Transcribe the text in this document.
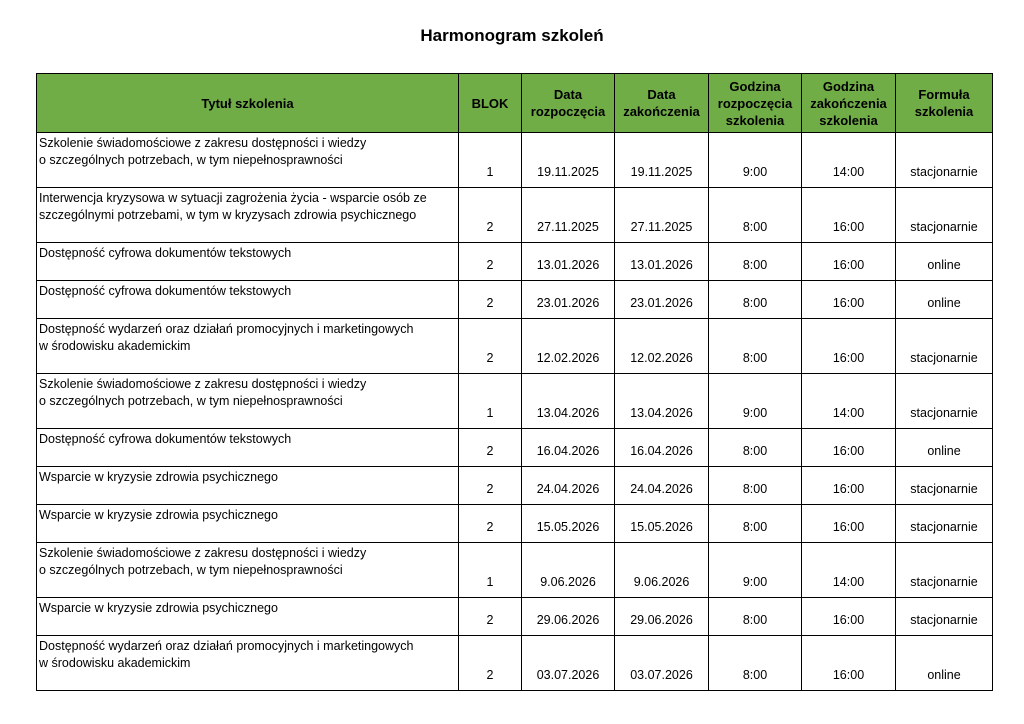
Harmonogram szkoleń
Tytuł szkolenia	BLOK	Data rozpoczęcia	Data zakończenia	Godzina rozpoczęcia szkolenia	Godzina zakończenia szkolenia	Formuła szkolenia
Szkolenie świadomościowe z zakresu dostępności i wiedzy
o szczególnych potrzebach, w tym niepełnosprawności	1	19.11.2025	19.11.2025	9:00	14:00	stacjonarnie
Interwencja kryzysowa w sytuacji zagrożenia życia - wsparcie osób ze szczególnymi potrzebami, w tym w kryzysach zdrowia psychicznego	2	27.11.2025	27.11.2025	8:00	16:00	stacjonarnie
Dostępność cyfrowa dokumentów tekstowych	2	13.01.2026	13.01.2026	8:00	16:00	online
Dostępność cyfrowa dokumentów tekstowych	2	23.01.2026	23.01.2026	8:00	16:00	online
Dostępność wydarzeń oraz działań promocyjnych i marketingowych
w środowisku akademickim	2	12.02.2026	12.02.2026	8:00	16:00	stacjonarnie
Szkolenie świadomościowe z zakresu dostępności i wiedzy
o szczególnych potrzebach, w tym niepełnosprawności	1	13.04.2026	13.04.2026	9:00	14:00	stacjonarnie
Dostępność cyfrowa dokumentów tekstowych	2	16.04.2026	16.04.2026	8:00	16:00	online
Wsparcie w kryzysie zdrowia psychicznego	2	24.04.2026	24.04.2026	8:00	16:00	stacjonarnie
Wsparcie w kryzysie zdrowia psychicznego	2	15.05.2026	15.05.2026	8:00	16:00	stacjonarnie
Szkolenie świadomościowe z zakresu dostępności i wiedzy
o szczególnych potrzebach, w tym niepełnosprawności	1	9.06.2026	9.06.2026	9:00	14:00	stacjonarnie
Wsparcie w kryzysie zdrowia psychicznego	2	29.06.2026	29.06.2026	8:00	16:00	stacjonarnie
Dostępność wydarzeń oraz działań promocyjnych i marketingowych
w środowisku akademickim	2	03.07.2026	03.07.2026	8:00	16:00	online
